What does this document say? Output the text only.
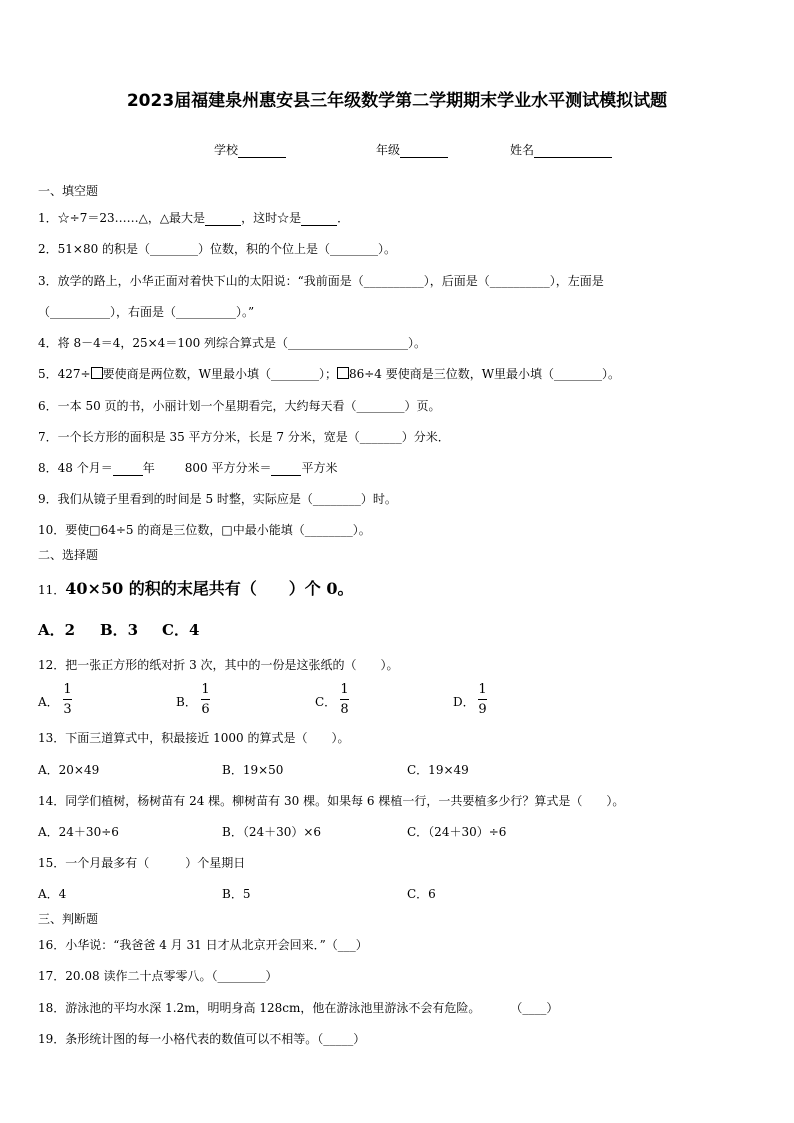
2023届福建泉州惠安县三年级数学第二学期期末学业水平测试模拟试题
学校	年级	姓名
一、填空题
1．☆÷7＝23……△，△最大是	，这时☆是	．
2．51×80 的积是（________）位数，积的个位上是（________）。
3．放学的路上，小华正面对着快下山的太阳说：“我前面是（__________），后面是（__________），左面是
（__________），右面是（__________）。”
4．将 8－4＝4，25×4＝100 列综合算式是（____________________）。
5．427÷ 要使商是两位数，W里最小填（________）； 86÷4 要使商是三位数，W里最小填（________）。
6．一本 50 页的书，小丽计划一个星期看完，大约每天看（________）页。
7．一个长方形的面积是 35 平方分米，长是 7 分米，宽是（_______）分米．
8．48 个月＝	年	800 平方分米＝	平方米
9．我们从镜子里看到的时间是 5 时整，实际应是（________）时。
10．要使□64÷5 的商是三位数，□中最小能填（________）。
二、选择题
11．40×50 的积的末尾共有（　　）个 0。
A．2 B．3 C．4
12．把一张正方形的纸对折 3 次，其中的一份是这张纸的（　　）。
A．
1
3	B．
1
6	C．
1
8	D．
1
9
13．下面三道算式中，积最接近 1000 的算式是（　　）。
A．20×49	B．19×50	C．19×49
14．同学们植树，杨树苗有 24 棵。柳树苗有 30 棵。如果每 6 棵植一行，一共要植多少行？算式是（　　）。
A．24＋30÷6	B．（24＋30）×6	C．（24＋30）÷6
15．一个月最多有（　　　）个星期日
A．4	B．5	C．6
三、判断题
16．小华说：“我爸爸 4 月 31 日才从北京开会回来．”（___）
17．20.08 读作二十点零零八。（________）
18．游泳池的平均水深 1.2m，明明身高 128cm，他在游泳池里游泳不会有危险。	（____）
19．条形统计图的每一小格代表的数值可以不相等。（_____）
